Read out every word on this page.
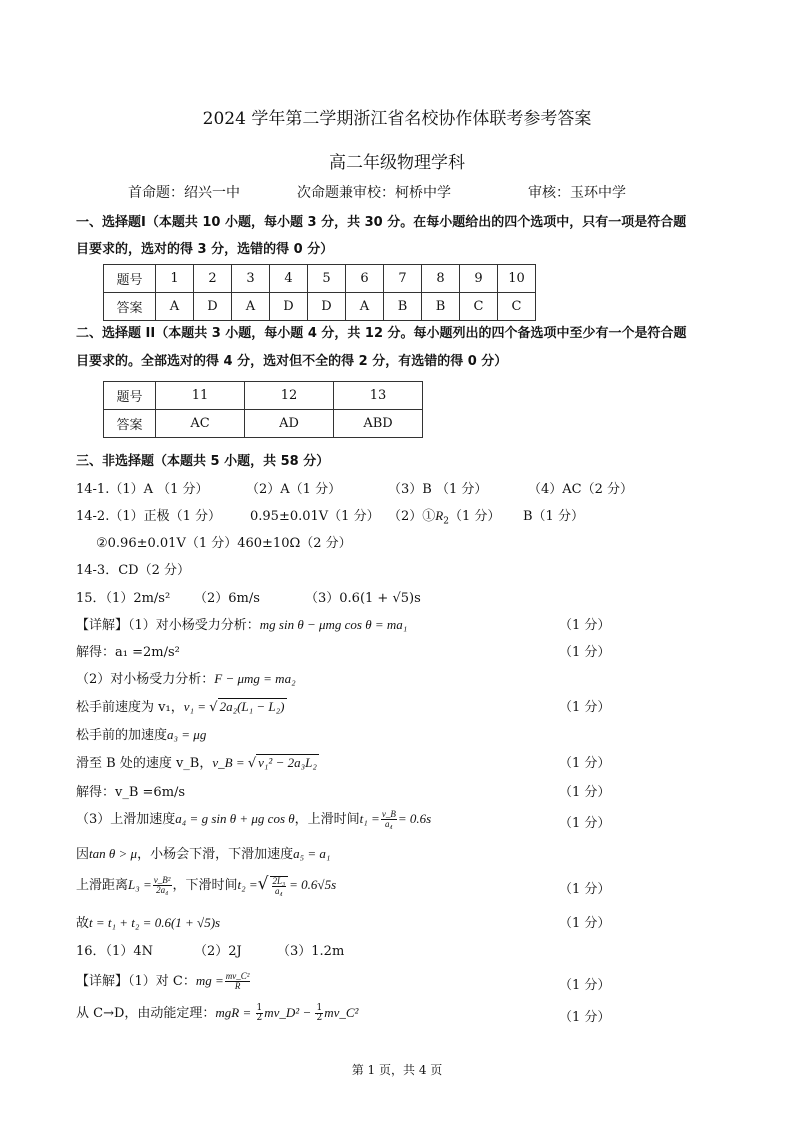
2024 学年第二学期浙江省名校协作体联考参考答案
高二年级物理学科
首命题：绍兴一中	次命题兼审校：柯桥中学	审核：玉环中学
一、选择题I（本题共 10 小题，每小题 3 分，共 30 分。在每小题给出的四个选项中，只有一项是符合题
目要求的，选对的得 3 分，选错的得 0 分）
题号	1	2	3	4	5	6	7	8	9	10
答案	A	D	A	D	D	A	B	B	C	C
二、选择题 II（本题共 3 小题，每小题 4 分，共 12 分。每小题列出的四个备选项中至少有一个是符合题
目要求的。全部选对的得 4 分，选对但不全的得 2 分，有选错的得 0 分）
题号	11	12	13
答案	AC	AD	ABD
三、非选择题（本题共 5 小题，共 58 分）
14-1.（1）A （1 分）	（2）A（1 分）	（3）B （1 分）	（4）AC（2 分）
14-2.（1）正极（1 分） 0.95±0.01V（1 分） $(2)①R_2(1$ 分） B（1 分）
②0.96±0.01V（1 分）460±10Ω（2 分）
14-3．CD（2 分）
15．（1）2m/s² （2）6m/s	（3）0.6(1 + √5)s
【详解】（1）对小杨受力分析：mg sin θ − μmg cos θ = ma₁	（1 分）
解得：a₁ =2m/s²	（1 分）
（2）对小杨受力分析：F − μmg = ma₂
松手前速度为 v₁，v₁ = √ 2a₂(L₁ − L₂)	（1 分）
松手前的加速度a₃ = μg
滑至 B 处的速度 v_B，v_B = √ v₁² − 2a₃L₂	（1 分）
解得：v_B =6m/s	（1 分）
（3）上滑加速度a₄ = g sin θ + μg cos θ，上滑时间$t_1 = \frac{v\_B}{\text{a₄}} = 0.6s$	（1 分）
因tan θ > μ，小杨会下滑，下滑加速度a₅ = a₁
上滑距离$L_3 = \frac{\text{v\_B²}}{\text{2a₄}}$ ，下滑时间t₂ =√ $\frac{\text{2L₃}}{\text{a₄}} = 0.6√5s$	（1 分）
故t = t₁ + t₂ = 0.6(1 + √5)s	（1 分）
16．（1）4N	（2）2J	（3）1.2m
【详解】（1）对 C：mg = $\frac{\text{mv\_C²}}{R}$	（1 分）
从 C→D，由动能定理：mgR = $\frac{1}{2}$ mv_D² − $\frac{1}{2}$ mv_C²	（1 分）
第 1 页，共 4 页
